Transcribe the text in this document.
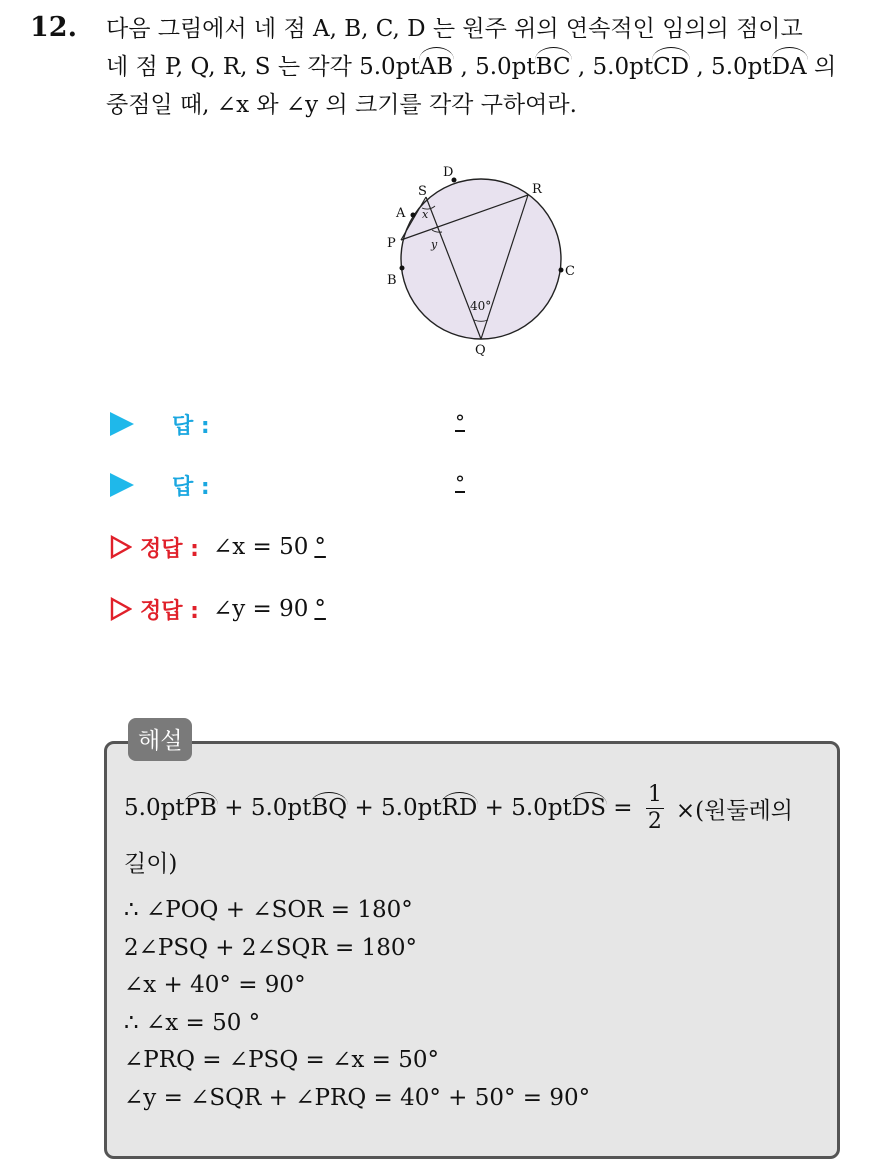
12. 다음 그림에서 네 점 A, B, C, D 는 원주 위의 연속적인 임의의 점이고
네 점 P, Q, R, S 는 각각 5.0ptAB , 5.0ptBC , 5.0ptCD , 5.0ptDA 의
중점일 때, ∠x 와 ∠y 의 크기를 각각 구하여라.
S
D
R
A
P
B
C
Q
x
y
40°
답 :	°
답 :	°
정답 : ∠x = 50 °
정답 : ∠y = 90 °
해설
5.0pt PB + 5.0pt BQ + 5.0pt RD + 5.0pt DS = $\frac{1}{2}$ ×(원둘레의
길이)
∴ ∠POQ + ∠SOR = 180°
2∠PSQ + 2∠SQR = 180°
∠x + 40° = 90°
∴ ∠x = 50 °
∠PRQ = ∠PSQ = ∠x = 50°
∠y = ∠SQR + ∠PRQ = 40° + 50° = 90°
